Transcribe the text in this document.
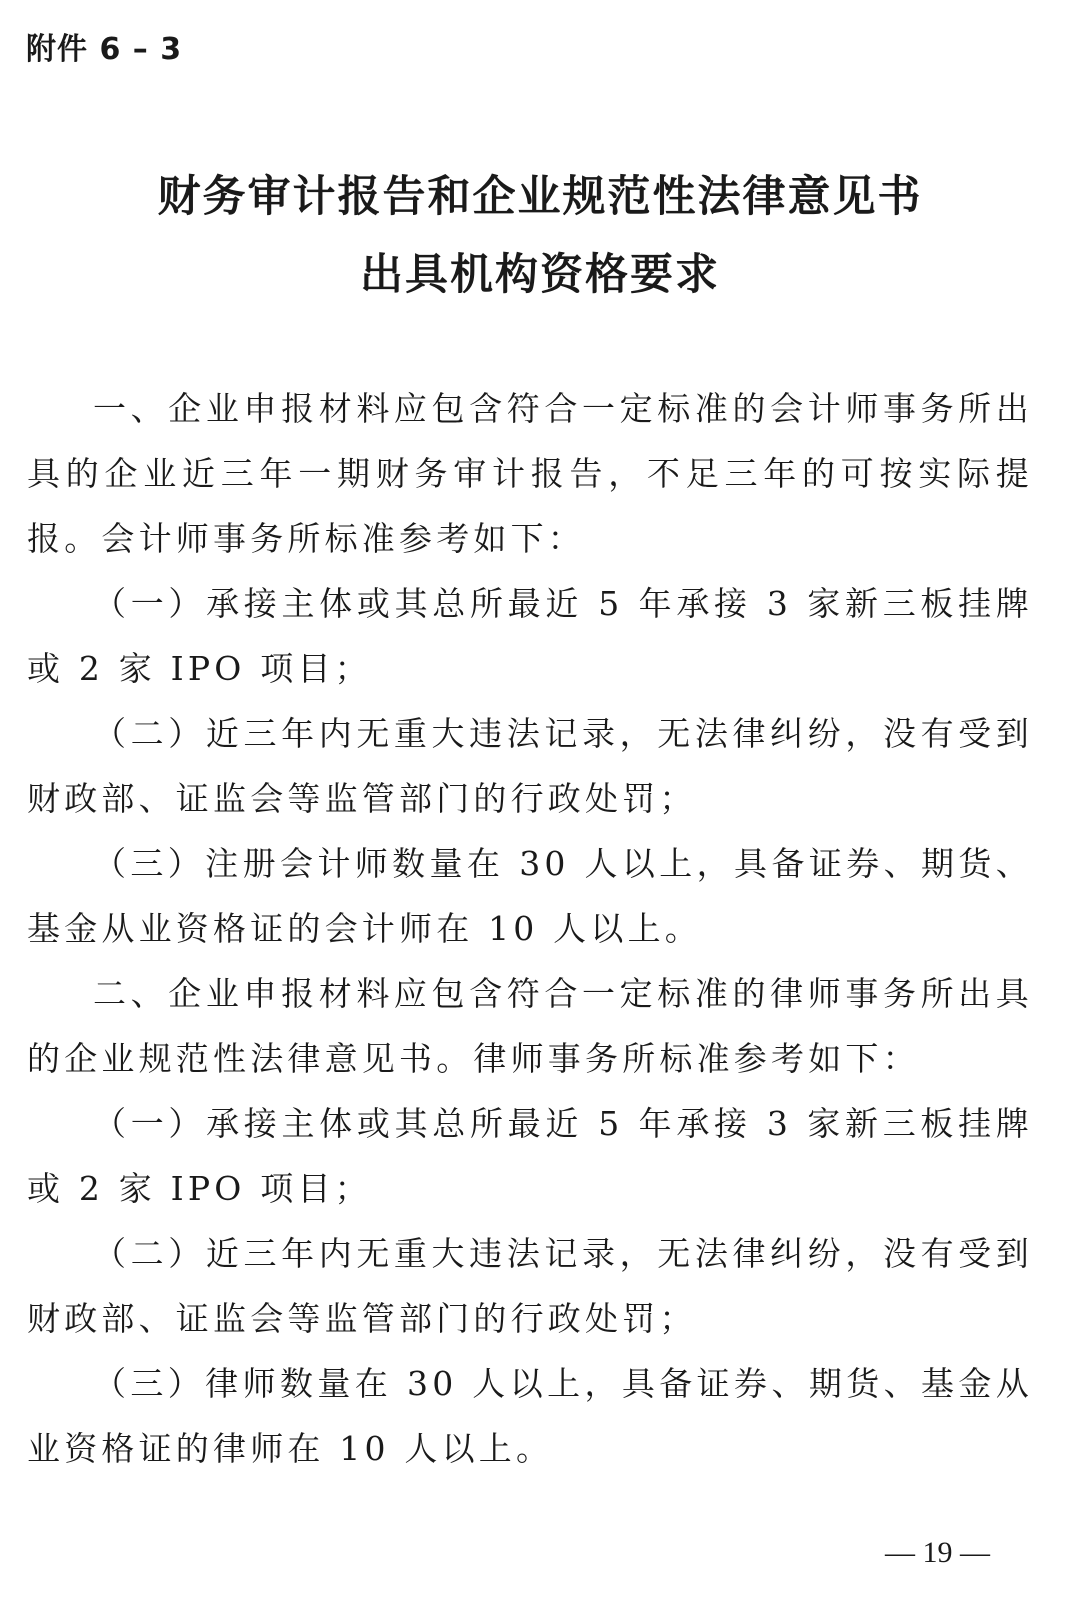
附件 6 – 3
财务审计报告和企业规范性法律意见书
出具机构资格要求

一、企业申报材料应包含符合一定标准的会计师事务所出具的企业近三年一期财务审计报告，不足三年的可按实际提报。会计师事务所标准参考如下：

（一）承接主体或其总所最近 5 年承接 3 家新三板挂牌或 2 家 IPO 项目；

（二）近三年内无重大违法记录，无法律纠纷，没有受到财政部、证监会等监管部门的行政处罚；

（三）注册会计师数量在 30 人以上，具备证券、期货、基金从业资格证的会计师在 10 人以上。

二、企业申报材料应包含符合一定标准的律师事务所出具的企业规范性法律意见书。律师事务所标准参考如下：

（一）承接主体或其总所最近 5 年承接 3 家新三板挂牌或 2 家 IPO 项目；

（二）近三年内无重大违法记录，无法律纠纷，没有受到财政部、证监会等监管部门的行政处罚；

（三）律师数量在 30 人以上，具备证券、期货、基金从业资格证的律师在 10 人以上。

— 19 —
